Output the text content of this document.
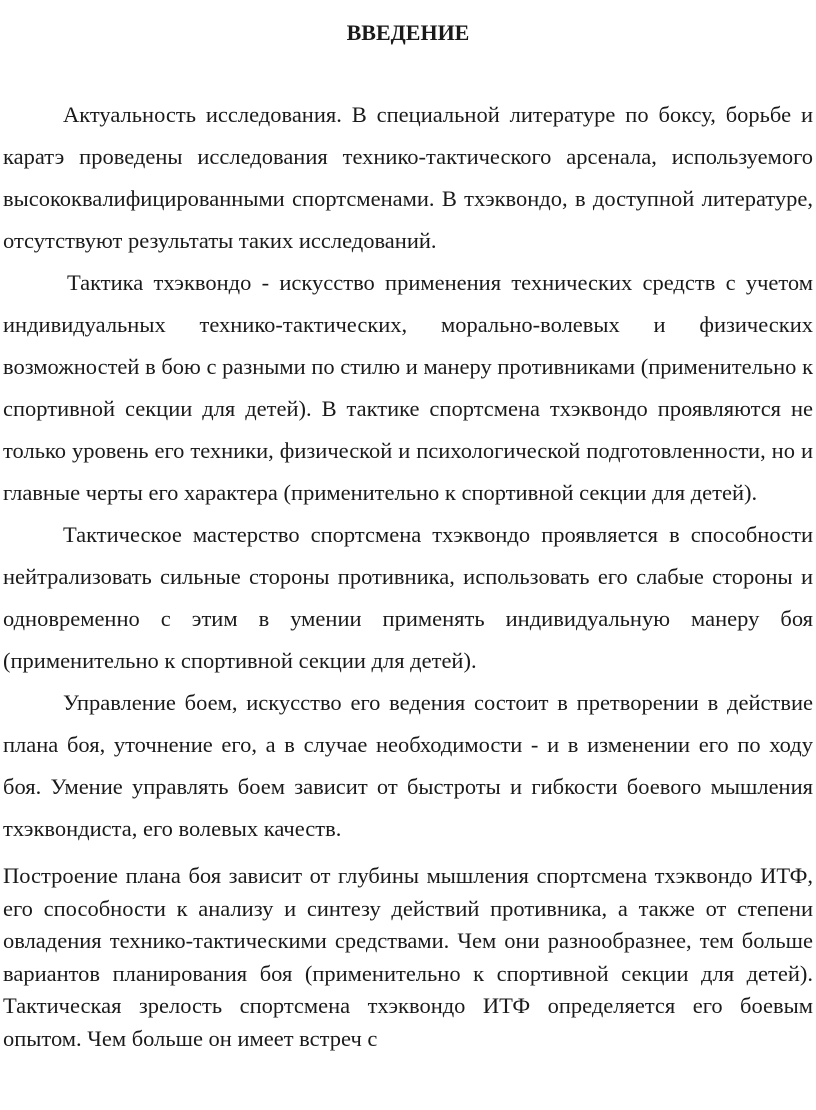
ВВЕДЕНИЕ

Актуальность исследования. В специальной литературе по боксу, борьбе и каратэ проведены исследования технико-тактического арсенала, используемого высококвалифицированными спортсменами. В тхэквондо, в доступной литературе, отсутствуют результаты таких исследований.

Тактика тхэквондо - искусство применения технических средств с учетом индивидуальных технико-тактических, морально-волевых и физических возможностей в бою с разными по стилю и манеру противниками (применительно к спортивной секции для детей). В тактике спортсмена тхэквондо проявляются не только уровень его техники, физической и психологической подготовленности, но и главные черты его характера (применительно к спортивной секции для детей).

Тактическое мастерство спортсмена тхэквондо проявляется в способности нейтрализовать сильные стороны противника, использовать его слабые стороны и одновременно с этим в умении применять индивидуальную манеру боя (применительно к спортивной секции для детей).

Управление боем, искусство его ведения состоит в претворении в действие плана боя, уточнение его, а в случае необходимости - и в изменении его по ходу боя. Умение управлять боем зависит от быстроты и гибкости боевого мышления тхэквондиста, его волевых качеств.

Построение плана боя зависит от глубины мышления спортсмена тхэквондо ИТФ, его способности к анализу и синтезу действий противника, а также от степени овладения технико-тактическими средствами. Чем они разнообразнее, тем больше вариантов планирования боя (применительно к спортивной секции для детей). Тактическая зрелость спортсмена тхэквондо ИТФ определяется его боевым опытом. Чем больше он имеет встреч с
